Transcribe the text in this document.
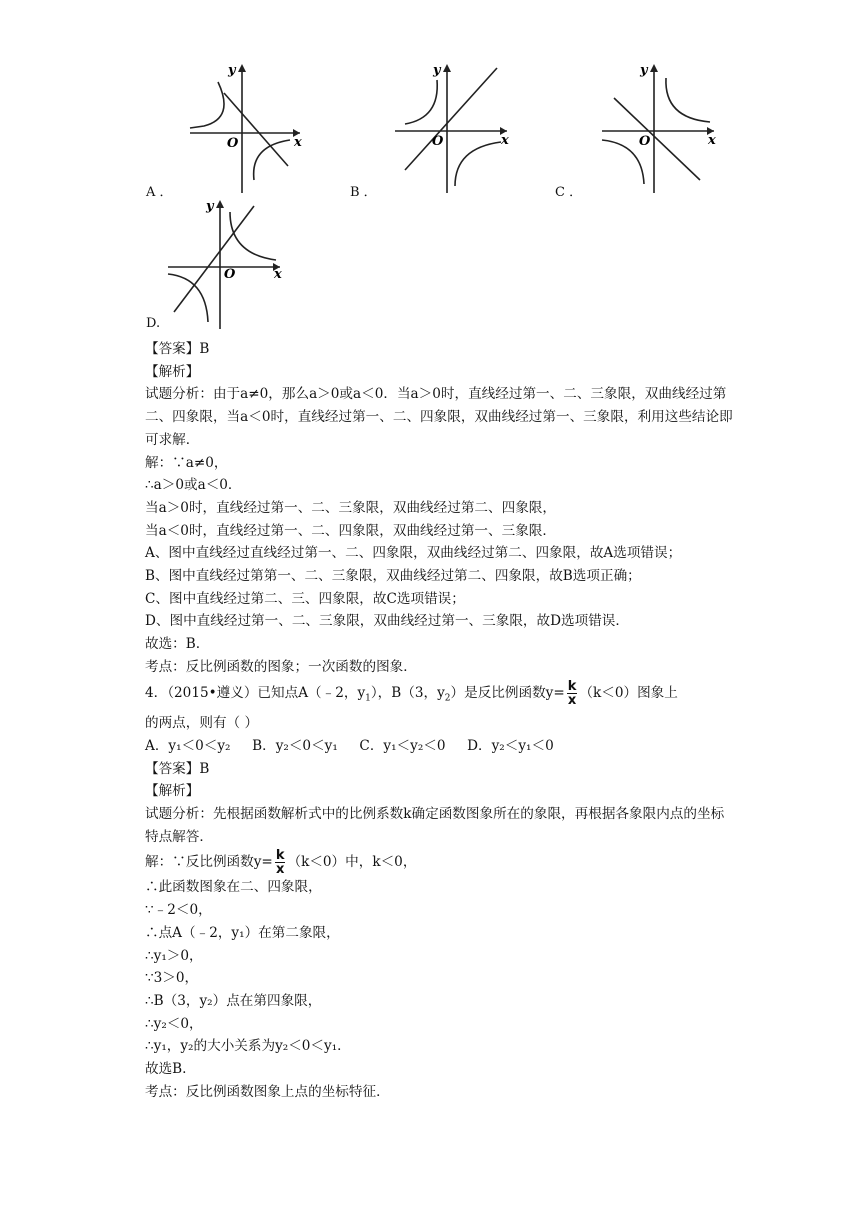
y
x
O
A ．
y
x
O
B ．
y
x
O
C ．
y
x
O
D.
【答案】B
【解析】
试题分析：由于a≠0，那么a＞0或a＜0．当a＞0时，直线经过第一、二、三象限，双曲线经过第二、四象限，当a＜0时，直线经过第一、二、四象限，双曲线经过第一、三象限，利用这些结论即可求解．
解：∵a≠0，
∴a＞0或a＜0．
当a＞0时，直线经过第一、二、三象限，双曲线经过第二、四象限，
当a＜0时，直线经过第一、二、四象限，双曲线经过第一、三象限．
A、图中直线经过直线经过第一、二、四象限，双曲线经过第二、四象限，故A选项错误；
B、图中直线经过第第一、二、三象限，双曲线经过第二、四象限，故B选项正确；
C、图中直线经过第二、三、四象限，故C选项错误；
D、图中直线经过第一、二、三象限，双曲线经过第一、三象限，故D选项错误．
故选：B.
考点：反比例函数的图象；一次函数的图象．
4．（2015•遵义）已知点A（﹣2，$y_1$），B（3，$y_2$）是反比例函数$y= \frac{k}{x} (k<0)$图象上
的两点，则有（ ）
A．y₁＜0＜y₂ B．y₂＜0＜y₁ C．y₁＜y₂＜0 D．y₂＜y₁＜0
【答案】B
【解析】
试题分析：先根据函数解析式中的比例系数k确定函数图象所在的象限，再根据各象限内点的坐标特点解答．
解：∵反比例函数$y= \frac{k}{x} (k<0)$中，k＜0，
∴此函数图象在二、四象限，
∵﹣2＜0，
∴点A（﹣2，y₁）在第二象限，
∴y₁＞0，
∵3＞0，
∴B（3，y₂）点在第四象限，
∴y₂＜0，
∴y₁，y₂的大小关系为y₂＜0＜y₁．
故选B.
考点：反比例函数图象上点的坐标特征．
